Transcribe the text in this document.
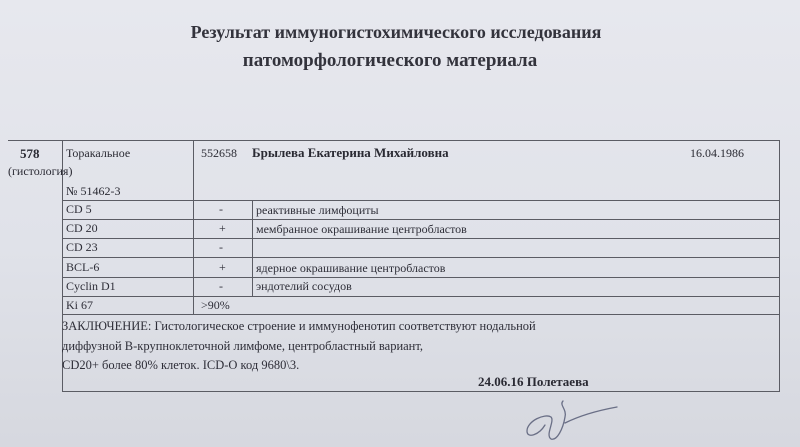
Результат иммуногистохимического исследования
патоморфологического материала
578
(гистология)
Торакальное
№ 51462-3
552658 Брылева Екатерина Михайловна	16.04.1986
CD 5	-	реактивные лимфоциты
CD 20	+	мембранное окрашивание центробластов
CD 23	-
BCL-6	+	ядерное окрашивание центробластов
Cyclin D1	-	эндотелий сосудов
Ki 67	>90%
ЗАКЛЮЧЕНИЕ: Гистологическое строение и иммунофенотип соответствуют нодальной
диффузной В-крупноклеточной лимфоме, центробластный вариант,
CD20+ более 80% клеток. ICD-O код 9680\3.
24.06.16 Полетаева
